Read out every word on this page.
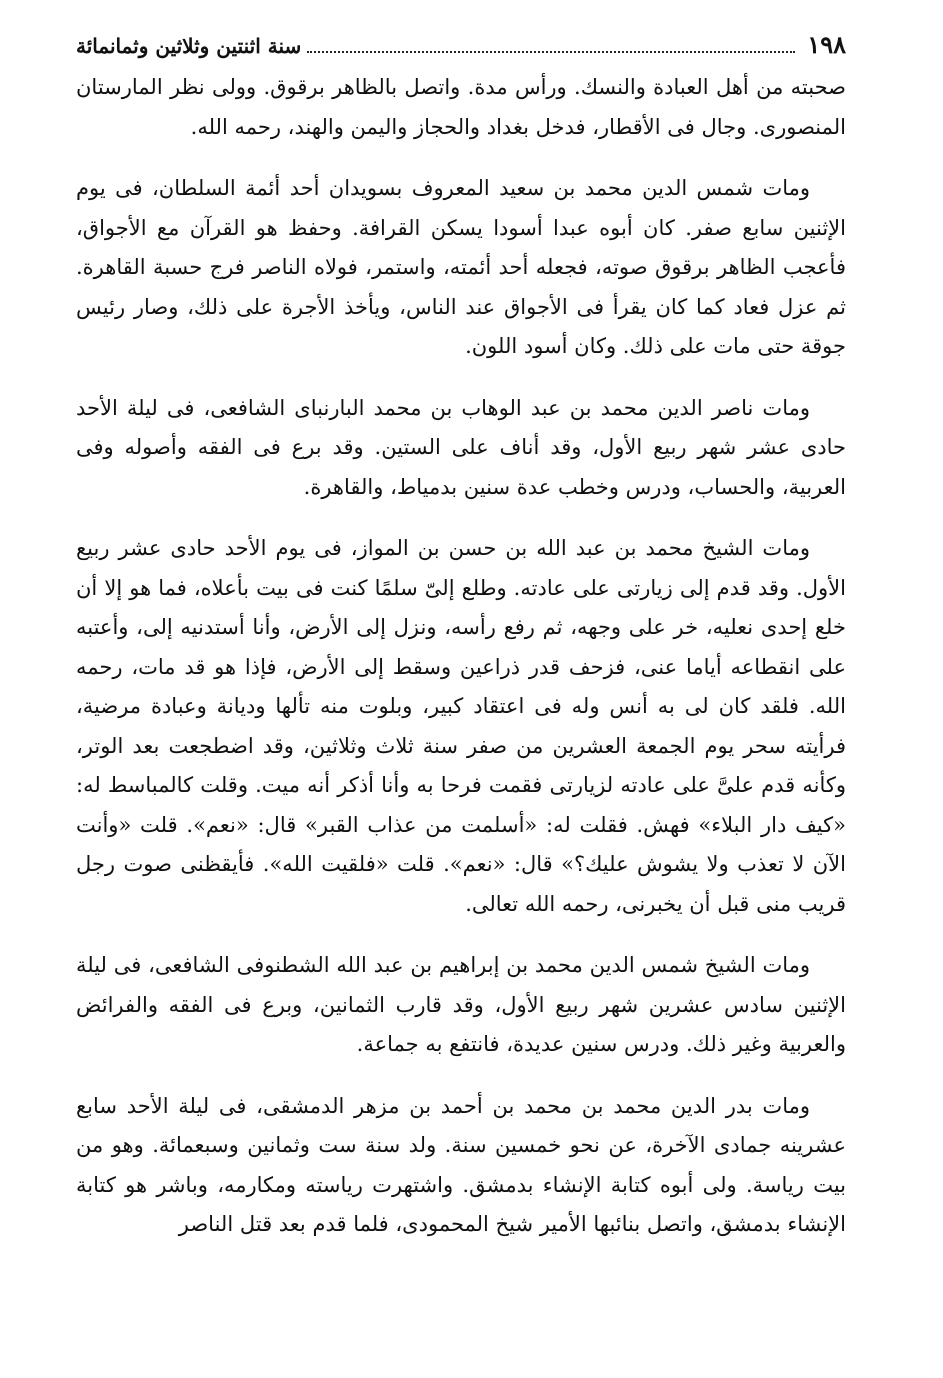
١٩٨
سنة اثنتين وثلاثين وثمانمائة

صحبته من أهل العبادة والنسك. ورأس مدة. واتصل بالظاهر برقوق. وولى نظر المارستان المنصورى. وجال فى الأقطار، فدخل بغداد والحجاز واليمن والهند، رحمه الله.

ومات شمس الدين محمد بن سعيد المعروف بسويدان أحد أئمة السلطان، فى يوم الإثنين سابع صفر. كان أبوه عبدا أسودا يسكن القرافة. وحفظ هو القرآن مع الأجواق، فأعجب الظاهر برقوق صوته، فجعله أحد أئمته، واستمر، فولاه الناصر فرج حسبة القاهرة. ثم عزل فعاد كما كان يقرأ فى الأجواق عند الناس، ويأخذ الأجرة على ذلك، وصار رئيس جوقة حتى مات على ذلك. وكان أسود اللون.

ومات ناصر الدين محمد بن عبد الوهاب بن محمد البارنباى الشافعى، فى ليلة الأحد حادى عشر شهر ربيع الأول، وقد أناف على الستين. وقد برع فى الفقه وأصوله وفى العربية، والحساب، ودرس وخطب عدة سنين بدمياط، والقاهرة.

ومات الشيخ محمد بن عبد الله بن حسن بن المواز، فى يوم الأحد حادى عشر ربيع الأول. وقد قدم إلى زيارتى على عادته. وطلع إلىّ سلمًا كنت فى بيت بأعلاه، فما هو إلا أن خلع إحدى نعليه، خر على وجهه، ثم رفع رأسه، ونزل إلى الأرض، وأنا أستدنيه إلى، وأعتبه على انقطاعه أياما عنى، فزحف قدر ذراعين وسقط إلى الأرض، فإذا هو قد مات، رحمه الله. فلقد كان لى به أنس وله فى اعتقاد كبير، وبلوت منه تألها وديانة وعبادة مرضية، فرأيته سحر يوم الجمعة العشرين من صفر سنة ثلاث وثلاثين، وقد اضطجعت بعد الوتر، وكأنه قدم علىَّ على عادته لزيارتى فقمت فرحا به وأنا أذكر أنه ميت. وقلت كالمباسط له: «كيف دار البلاء» فهش. فقلت له: «أسلمت من عذاب القبر» قال: «نعم». قلت «وأنت الآن لا تعذب ولا يشوش عليك؟» قال: «نعم». قلت «فلقيت الله». فأيقظنى صوت رجل قريب منى قبل أن يخبرنى، رحمه الله تعالى.

ومات الشيخ شمس الدين محمد بن إبراهيم بن عبد الله الشطنوفى الشافعى، فى ليلة الإثنين سادس عشرين شهر ربيع الأول، وقد قارب الثمانين، وبرع فى الفقه والفرائض والعربية وغير ذلك. ودرس سنين عديدة، فانتفع به جماعة.

ومات بدر الدين محمد بن محمد بن أحمد بن مزهر الدمشقى، فى ليلة الأحد سابع عشرينه جمادى الآخرة، عن نحو خمسين سنة. ولد سنة ست وثمانين وسبعمائة. وهو من بيت رياسة. ولى أبوه كتابة الإنشاء بدمشق. واشتهرت رياسته ومكارمه، وباشر هو كتابة الإنشاء بدمشق، واتصل بنائبها الأمير شيخ المحمودى، فلما قدم بعد قتل الناصر
